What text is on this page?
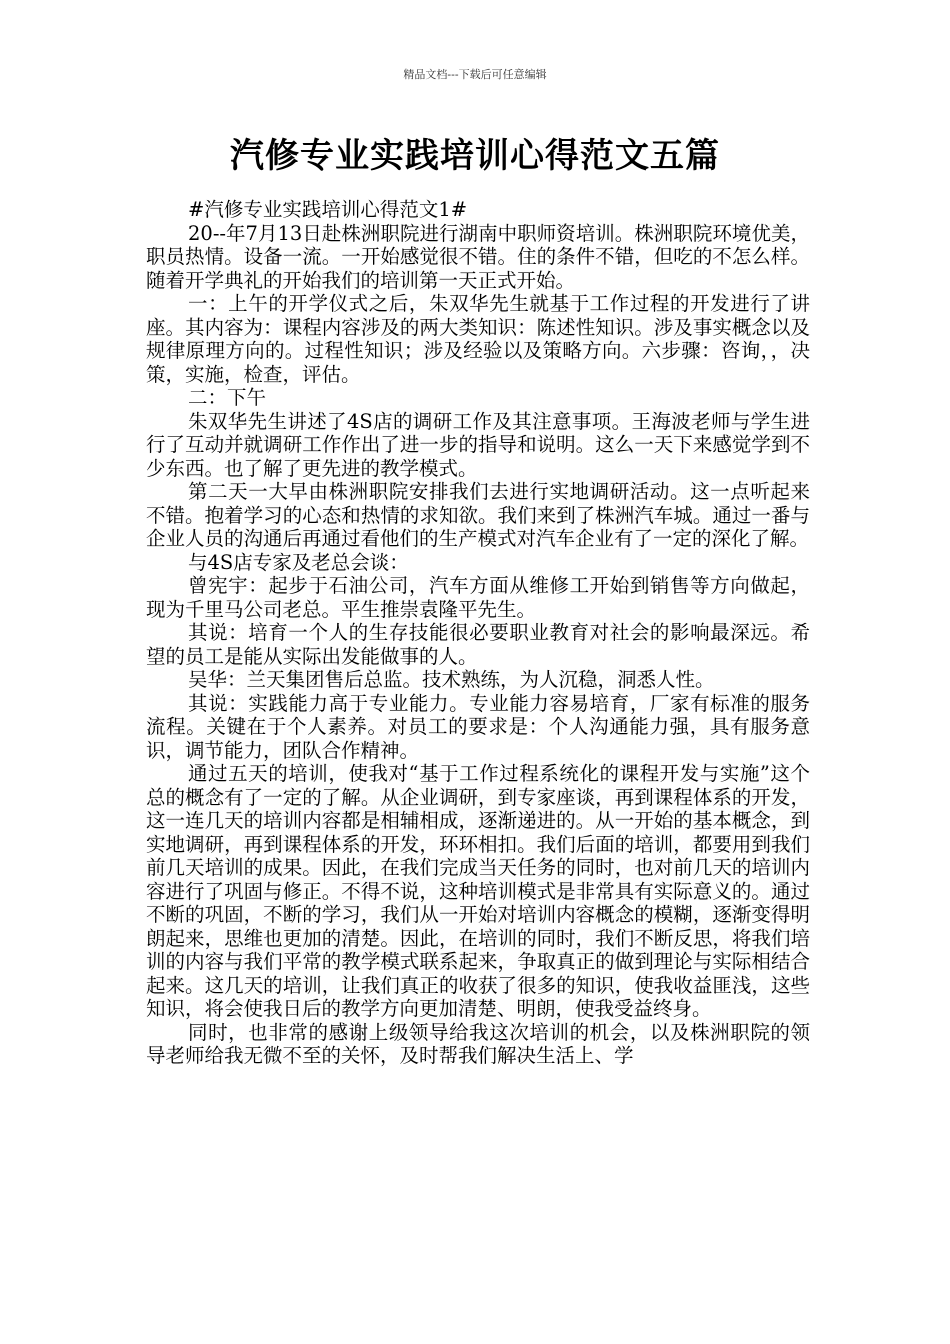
精品文档---下载后可任意编辑
汽修专业实践培训心得范文五篇

#汽修专业实践培训心得范文1#

20--年7月13日赴株洲职院进行湖南中职师资培训。株洲职院环境优美，职员热情。设备一流。一开始感觉很不错。住的条件不错，但吃的不怎么样。随着开学典礼的开始我们的培训第一天正式开始。

一：上午的开学仪式之后，朱双华先生就基于工作过程的开发进行了讲座。其内容为：课程内容涉及的两大类知识：陈述性知识。涉及事实概念以及规律原理方向的。过程性知识；涉及经验以及策略方向。六步骤：咨询，，决策，实施，检查，评估。

二：下午

朱双华先生讲述了4S店的调研工作及其注意事项。王海波老师与学生进行了互动并就调研工作作出了进一步的指导和说明。这么一天下来感觉学到不少东西。也了解了更先进的教学模式。

第二天一大早由株洲职院安排我们去进行实地调研活动。这一点听起来不错。抱着学习的心态和热情的求知欲。我们来到了株洲汽车城。通过一番与企业人员的沟通后再通过看他们的生产模式对汽车企业有了一定的深化了解。

与4S店专家及老总会谈：

曾宪宇：起步于石油公司，汽车方面从维修工开始到销售等方向做起，现为千里马公司老总。平生推崇袁隆平先生。

其说：培育一个人的生存技能很必要职业教育对社会的影响最深远。希望的员工是能从实际出发能做事的人。

吴华：兰天集团售后总监。技术熟练，为人沉稳，洞悉人性。

其说：实践能力高于专业能力。专业能力容易培育，厂家有标准的服务流程。关键在于个人素养。对员工的要求是：个人沟通能力强，具有服务意识，调节能力，团队合作精神。

通过五天的培训，使我对“基于工作过程系统化的课程开发与实施”这个总的概念有了一定的了解。从企业调研，到专家座谈，再到课程体系的开发，这一连几天的培训内容都是相辅相成，逐渐递进的。从一开始的基本概念，到实地调研，再到课程体系的开发，环环相扣。我们后面的培训，都要用到我们前几天培训的成果。因此，在我们完成当天任务的同时，也对前几天的培训内容进行了巩固与修正。不得不说，这种培训模式是非常具有实际意义的。通过不断的巩固，不断的学习，我们从一开始对培训内容概念的模糊，逐渐变得明朗起来，思维也更加的清楚。因此，在培训的同时，我们不断反思，将我们培训的内容与我们平常的教学模式联系起来，争取真正的做到理论与实际相结合起来。这几天的培训，让我们真正的收获了很多的知识，使我收益匪浅，这些知识，将会使我日后的教学方向更加清楚、明朗，使我受益终身。

同时，也非常的感谢上级领导给我这次培训的机会，以及株洲职院的领导老师给我无微不至的关怀，及时帮我们解决生活上、学
